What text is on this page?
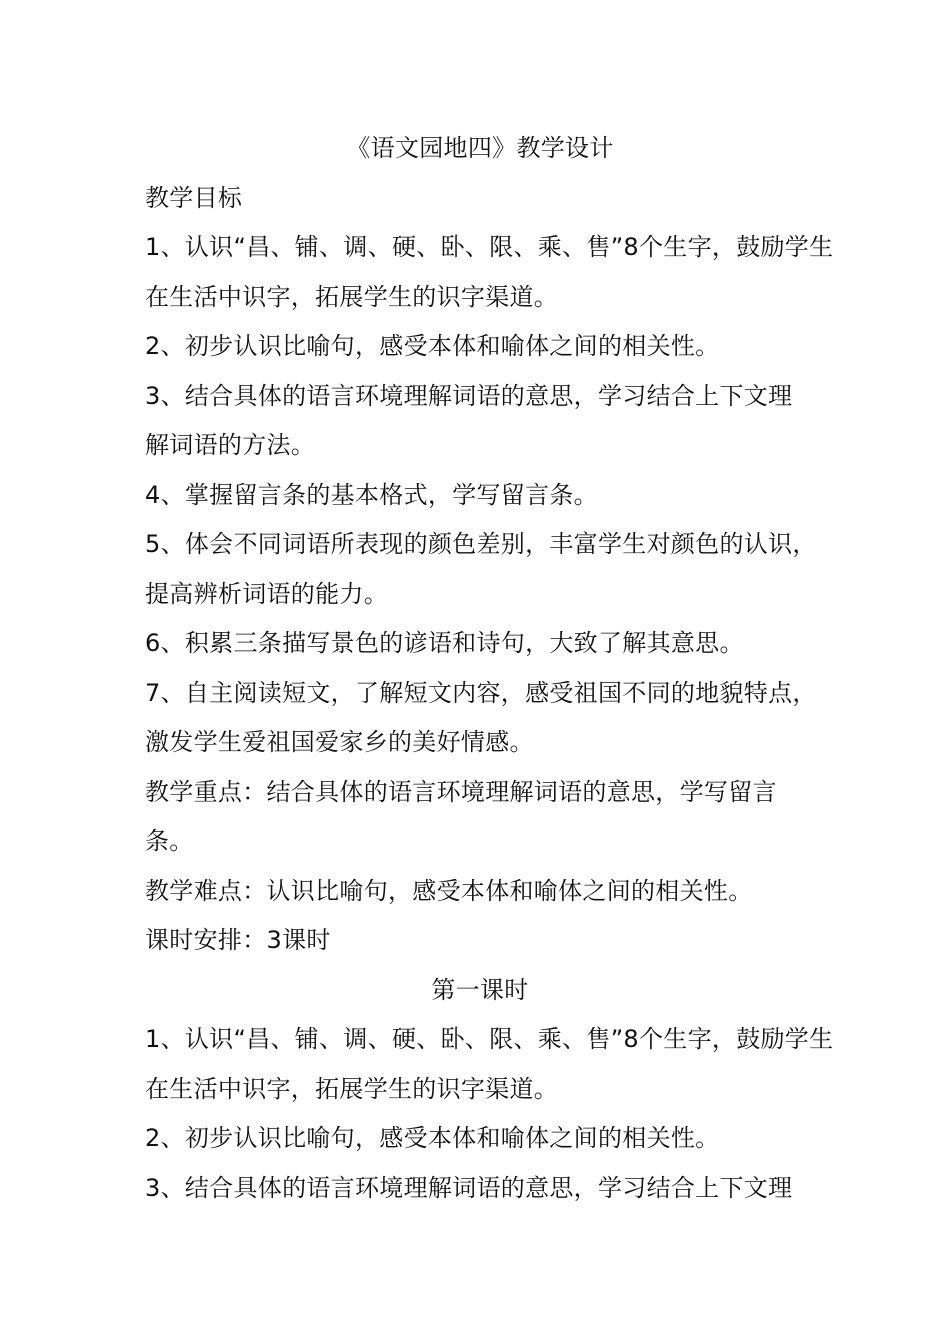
《语文园地四》教学设计
教学目标
1、认识“昌、铺、调、硬、卧、限、乘、售”8个生字，鼓励学生
在生活中识字，拓展学生的识字渠道。
2、初步认识比喻句，感受本体和喻体之间的相关性。
3、结合具体的语言环境理解词语的意思，学习结合上下文理
解词语的方法。
4、掌握留言条的基本格式，学写留言条。
5、体会不同词语所表现的颜色差别，丰富学生对颜色的认识，
提高辨析词语的能力。
6、积累三条描写景色的谚语和诗句，大致了解其意思。
7、自主阅读短文，了解短文内容，感受祖国不同的地貌特点，
激发学生爱祖国爱家乡的美好情感。
教学重点：结合具体的语言环境理解词语的意思，学写留言
条。
教学难点：认识比喻句，感受本体和喻体之间的相关性。
课时安排：3课时
第一课时
1、认识“昌、铺、调、硬、卧、限、乘、售”8个生字，鼓励学生
在生活中识字，拓展学生的识字渠道。
2、初步认识比喻句，感受本体和喻体之间的相关性。
3、结合具体的语言环境理解词语的意思，学习结合上下文理
